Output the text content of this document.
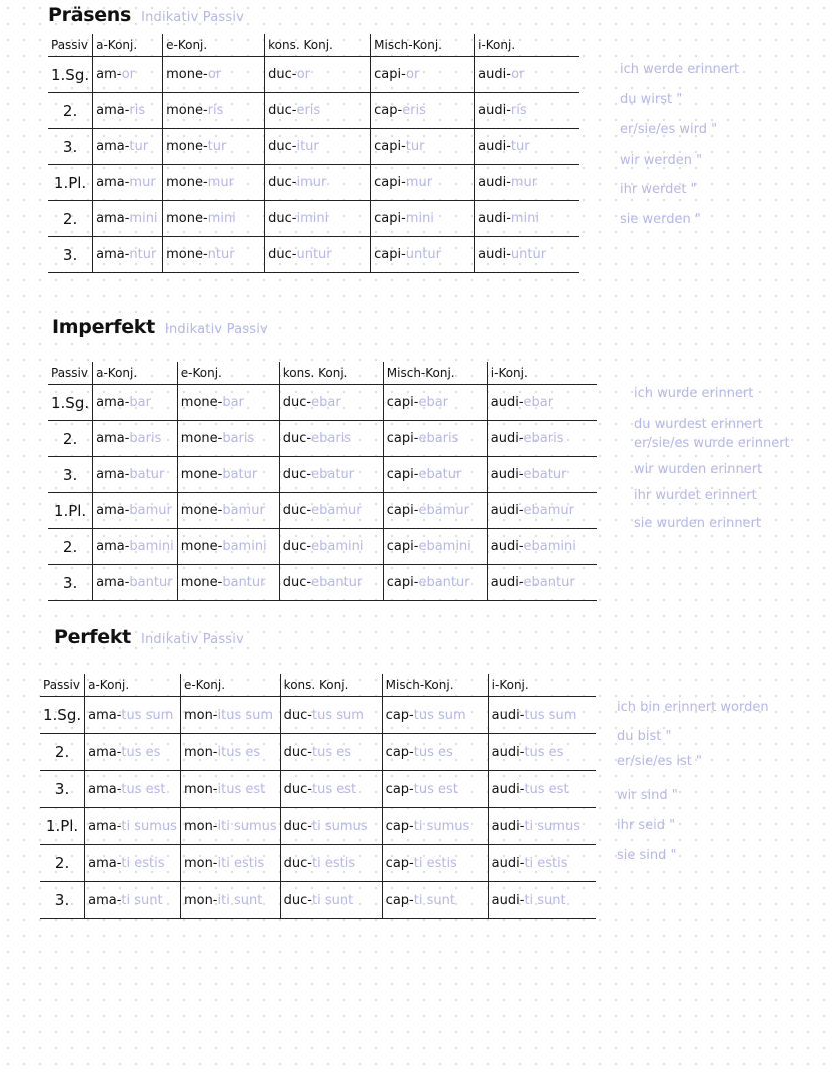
Präsens Indikativ Passiv
Passiv	a-Konj.	e-Konj.	kons. Konj.	Misch-Konj.	i-Konj.
1.Sg.	am-or	mone-or	duc-or	capi-or	audi-or
2.	ama-ris	mone-ris	duc-eris	cap-eris	audi-ris
3.	ama-tur	mone-tur	duc-itur	capi-tur	audi-tur
1.Pl.	ama-mur	mone-mur	duc-imur	capi-mur	audi-mur
2.	ama-mini	mone-mini	duc-imini	capi-mini	audi-mini
3.	ama-ntur	mone-ntur	duc-untur	capi-untur	audi-untur
ich werde erinnert
du wirst "
er/sie/es wird "
wir werden "
ihr werdet "
sie werden "
Imperfekt Indikativ Passiv
Passiv	a-Konj.	e-Konj.	kons. Konj.	Misch-Konj.	i-Konj.
1.Sg.	ama-bar	mone-bar	duc-ebar	capi-ebar	audi-ebar
2.	ama-baris	mone-baris	duc-ebaris	capi-ebaris	audi-ebaris
3.	ama-batur	mone-batur	duc-ebatur	capi-ebatur	audi-ebatur
1.Pl.	ama-bamur	mone-bamur	duc-ebamur	capi-ebamur	audi-ebamur
2.	ama-bamini	mone-bamini	duc-ebamini	capi-ebamini	audi-ebamini
3.	ama-bantur	mone-bantur	duc-ebantur	capi-ebantur	audi-ebantur
ich wurde erinnert
du wurdest erinnert
er/sie/es wurde erinnert
wir wurden erinnert
ihr wurdet erinnert
sie wurden erinnert
Perfekt Indikativ Passiv
Passiv	a-Konj.	e-Konj.	kons. Konj.	Misch-Konj.	i-Konj.
1.Sg.	ama-tus sum	mon-itus sum	duc-tus sum	cap-tus sum	audi-tus sum
2.	ama-tus es	mon-itus es	duc-tus es	cap-tus es	audi-tus es
3.	ama-tus est	mon-itus est	duc-tus est	cap-tus est	audi-tus est
1.Pl.	ama-ti sumus	mon-iti sumus	duc-ti sumus	cap-ti sumus	audi-ti sumus
2.	ama-ti estis	mon-iti estis	duc-ti estis	cap-ti estis	audi-ti estis
3.	ama-ti sunt	mon-iti sunt	duc-ti sunt	cap-ti sunt	audi-ti sunt
ich bin erinnert worden
du bist "
er/sie/es ist "
wir sind "
ihr seid "
sie sind "
